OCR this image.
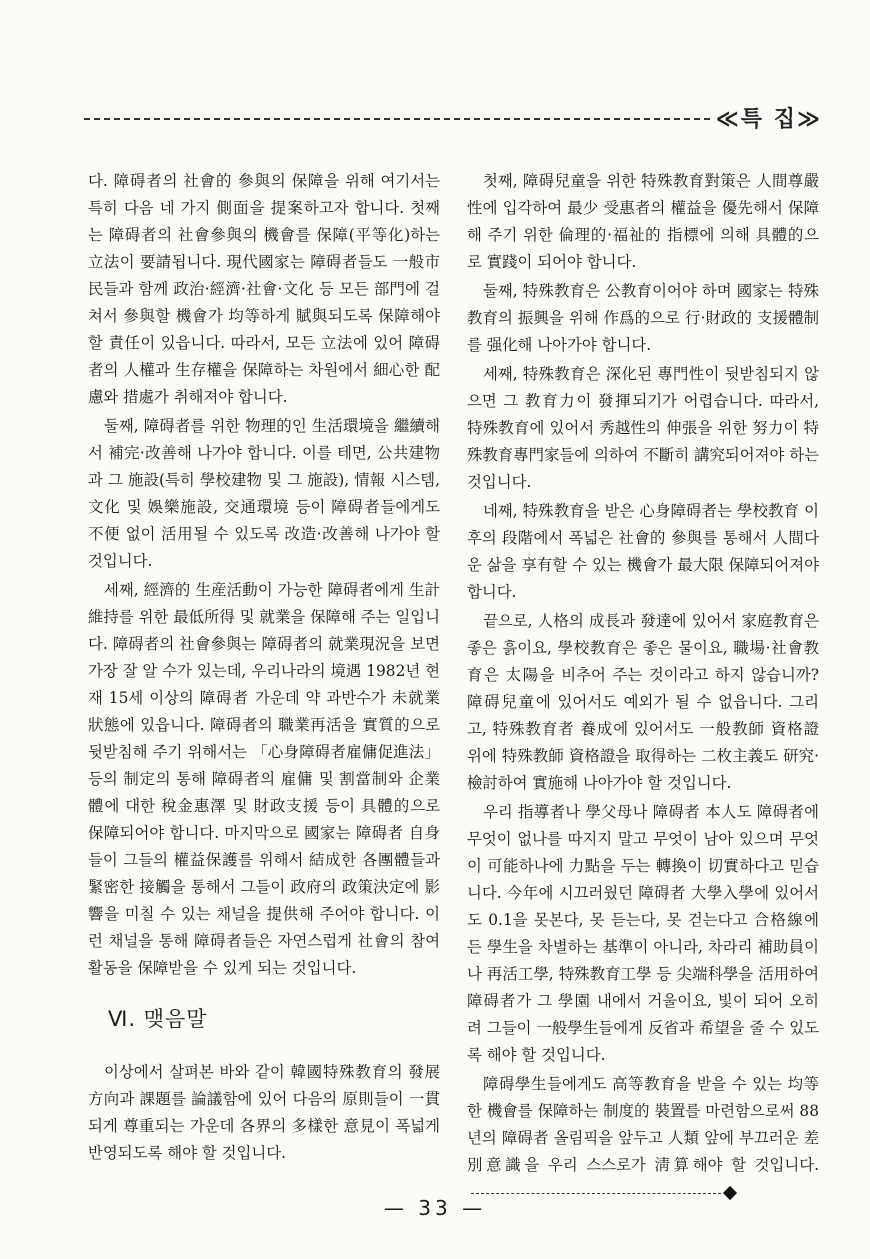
≪특 집≫

다. 障碍者의 社會的 參與의 保障을 위해 여기서는 특히 다음 네 가지 側面을 提案하고자 합니다. 첫째는 障碍者의 社會參與의 機會를 保障(平等化)하는 立法이 要請됩니다. 現代國家는 障碍者들도 一般市民들과 함께 政治·經濟·社會·文化 등 모든 部門에 걸쳐서 參與할 機會가 均等하게 賦與되도록 保障해야 할 責任이 있읍니다. 따라서, 모든 立法에 있어 障碍者의 人權과 生存權을 保障하는 차원에서 細心한 配慮와 措處가 취해져야 합니다.

둘째, 障碍者를 위한 物理的인 生活環境을 繼續해서 補完·改善해 나가야 합니다. 이를 테면, 公共建物과 그 施設(특히 學校建物 및 그 施設), 情報 시스템, 文化 및 娛樂施設, 交通環境 등이 障碍者들에게도 不便 없이 活用될 수 있도록 改造·改善해 나가야 할 것입니다.

세째, 經濟的 生産活動이 가능한 障碍者에게 生計維持를 위한 最低所得 및 就業을 保障해 주는 일입니다. 障碍者의 社會參與는 障碍者의 就業現況을 보면 가장 잘 알 수가 있는데, 우리나라의 境遇 1982년 현재 15세 이상의 障碍者 가운데 약 과반수가 未就業狀態에 있읍니다. 障碍者의 職業再活을 實質的으로 뒷받침해 주기 위해서는 「心身障碍者雇傭促進法」등의 制定의 통해 障碍者의 雇傭 및 割當制와 企業體에 대한 稅金惠澤 및 財政支援 등이 具體的으로 保障되어야 합니다. 마지막으로 國家는 障碍者 自身들이 그들의 權益保護를 위해서 結成한 各團體들과 緊密한 接觸을 통해서 그들이 政府의 政策決定에 影響을 미칠 수 있는 채널을 提供해 주어야 합니다. 이런 채널을 통해 障碍者들은 자연스럽게 社會의 참여 활동을 保障받을 수 있게 되는 것입니다.

Ⅵ. 맺음말

이상에서 살펴본 바와 같이 韓國特殊教育의 發展方向과 課題를 論議함에 있어 다음의 原則들이 一貫되게 尊重되는 가운데 各界의 多樣한 意見이 폭넓게 반영되도록 해야 할 것입니다.

첫째, 障碍兒童을 위한 特殊教育對策은 人間尊嚴性에 입각하여 最少 受惠者의 權益을 優先해서 保障해 주기 위한 倫理的·福祉的 指標에 의해 具體的으로 實踐이 되어야 합니다.

둘째, 特殊教育은 公教育이어야 하며 國家는 特殊教育의 振興을 위해 作爲的으로 行·財政的 支援體制를 强化해 나아가야 합니다.

세째, 特殊教育은 深化된 專門性이 뒷받침되지 않으면 그 教育力이 發揮되기가 어렵습니다. 따라서, 特殊教育에 있어서 秀越性의 伸張을 위한 努力이 特殊教育專門家들에 의하여 不斷히 講究되어져야 하는 것입니다.

네째, 特殊教育을 받은 心身障碍者는 學校教育 이후의 段階에서 폭넓은 社會的 參與를 통해서 人間다운 삶을 享有할 수 있는 機會가 最大限 保障되어져야 합니다.

끝으로, 人格의 成長과 發達에 있어서 家庭教育은 좋은 흙이요, 學校教育은 좋은 물이요, 職場·社會教育은 太陽을 비추어 주는 것이라고 하지 않습니까? 障碍兒童에 있어서도 예외가 될 수 없읍니다. 그리고, 特殊教育者 養成에 있어서도 一般教師 資格證 위에 特殊教師 資格證을 取得하는 二枚主義도 研究·檢討하여 實施해 나아가야 할 것입니다.

우리 指導者나 學父母나 障碍者 本人도 障碍者에 무엇이 없나를 따지지 말고 무엇이 남아 있으며 무엇이 可能하나에 力點을 두는 轉換이 切實하다고 믿습니다. 今年에 시끄러웠던 障碍者 大學入學에 있어서도 0.1을 못본다, 못 듣는다, 못 걷는다고 合格線에 든 學生을 차별하는 基準이 아니라, 차라리 補助員이나 再活工學, 特殊教育工學 등 尖端科學을 活用하여 障碍者가 그 學園 내에서 거울이요, 빛이 되어 오히려 그들이 一般學生들에게 反省과 希望을 줄 수 있도록 해야 할 것입니다.

障碍學生들에게도 高等教育을 받을 수 있는 均等한 機會를 保障하는 制度的 裝置를 마련함으로써 88년의 障碍者 올림픽을 앞두고 人類 앞에 부끄러운 差別意識을 우리 스스로가 淸算해야 할 것입니다.

— 33 —
